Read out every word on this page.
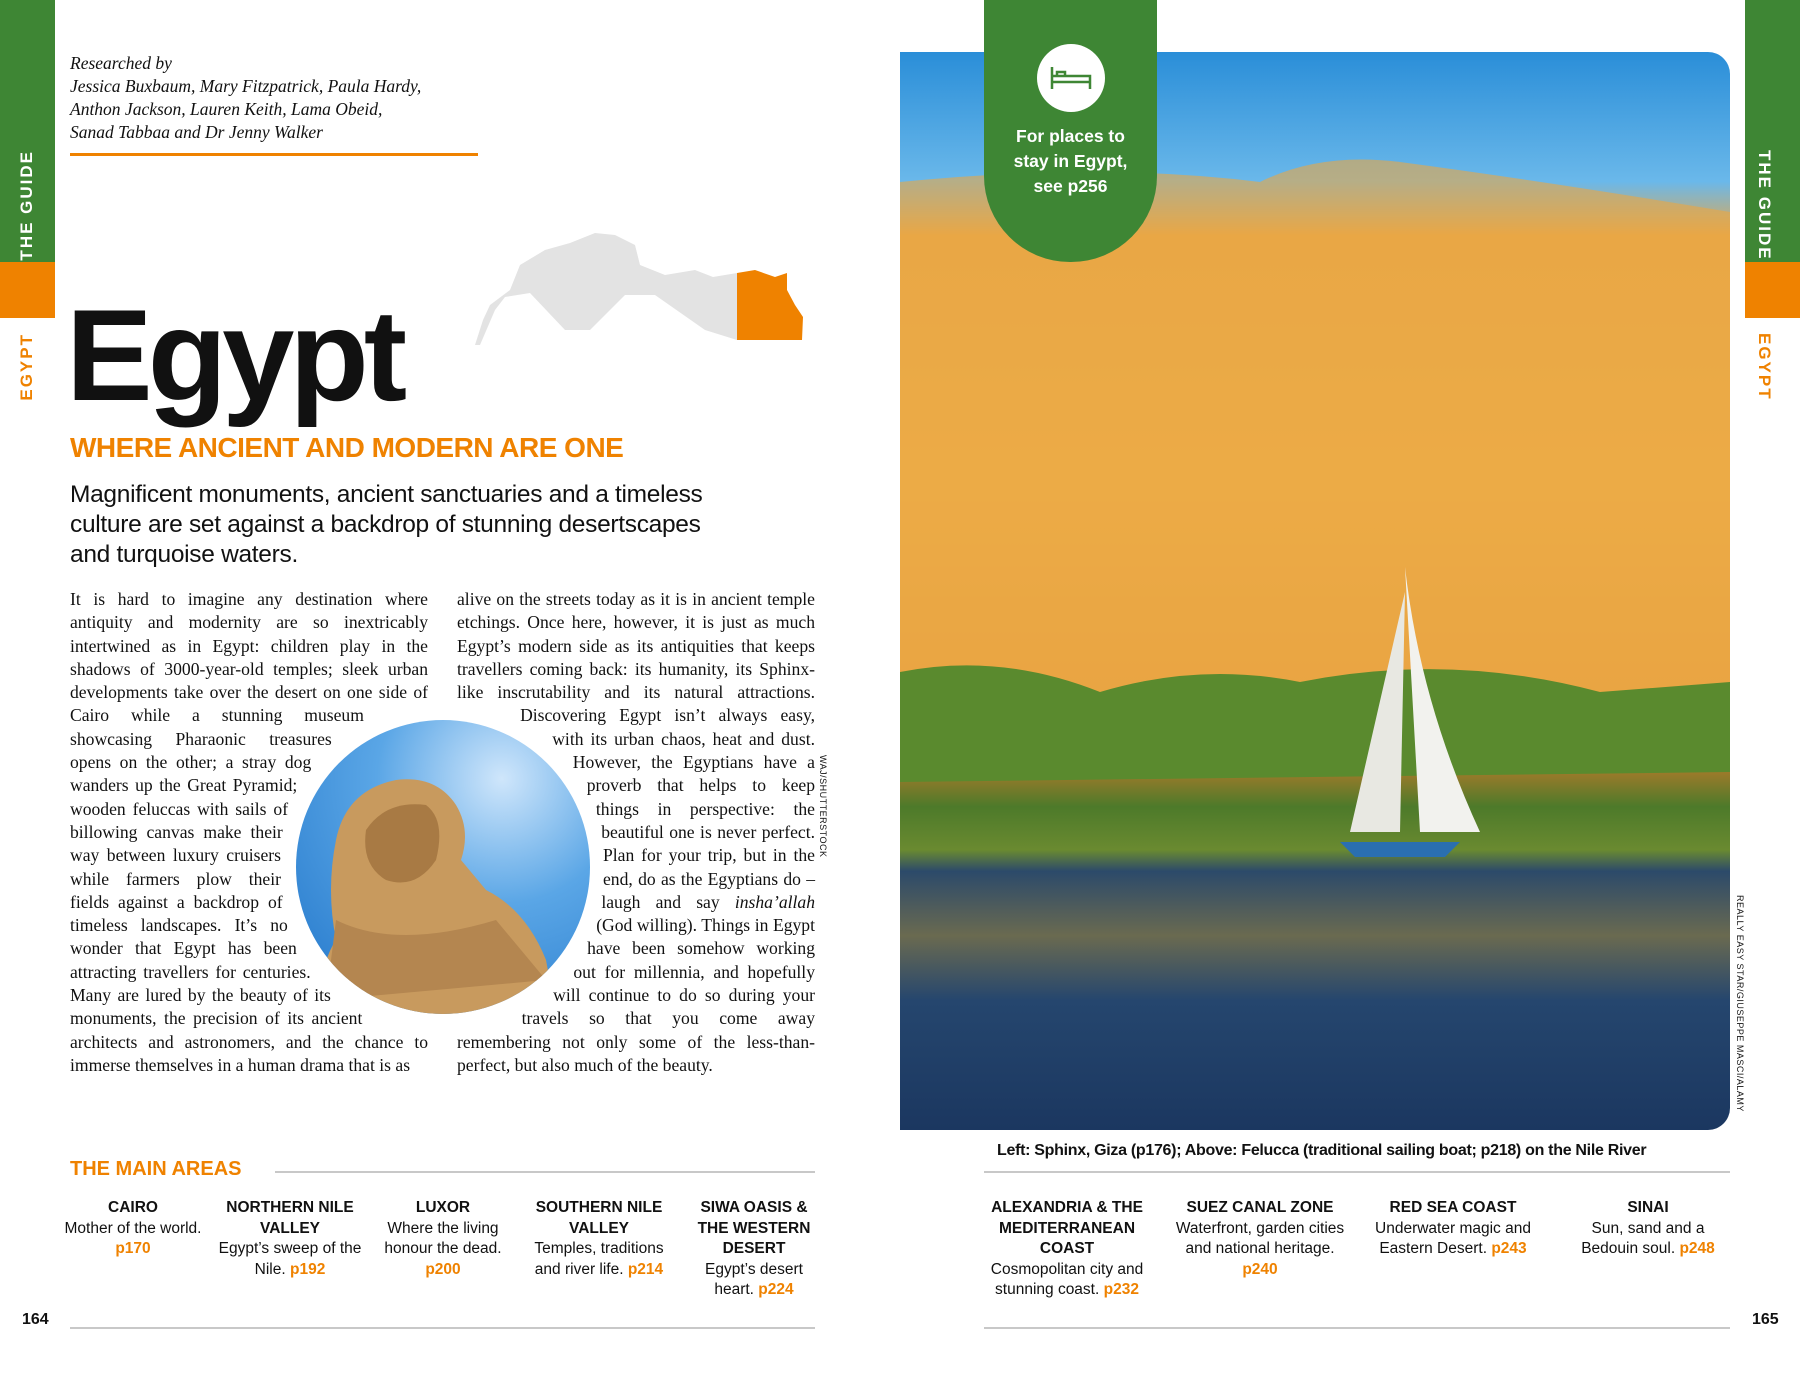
THE GUIDE
EGYPT
THE GUIDE
EGYPT
Researched by
Jessica Buxbaum, Mary Fitzpatrick, Paula Hardy,
Anthon Jackson, Lauren Keith, Lama Obeid,
Sanad Tabbaa and Dr Jenny Walker
Egypt
WHERE ANCIENT AND MODERN ARE ONE
Magnificent monuments, ancient sanctuaries and a timeless culture are set against a backdrop of stunning desertscapes and turquoise waters.
It is hard to imagine any destination where antiquity and modernity are so inextricably intertwined as in Egypt: children play in the shadows of 3000-year-old temples; sleek urban developments take over the desert on one side of Cairo while a stunning museum showcasing Pharaonic treasures opens on the other; a stray dog wanders up the Great Pyramid; wooden feluccas with sails of billowing canvas make their way between luxury cruisers while farmers plow their fields against a backdrop of timeless landscapes. It’s no wonder that Egypt has been attracting travellers for centuries. Many are lured by the beauty of its monuments, the precision of its ancient architects and astronomers, and the chance to immerse themselves in a human drama that is as
alive on the streets today as it is in ancient temple etchings. Once here, however, it is just as much Egypt’s modern side as its antiquities that keeps travellers coming back: its humanity, its Sphinx-like inscrutability and its natural attractions. Discovering Egypt isn’t always easy, with its urban chaos, heat and dust. However, the Egyptians have a proverb that helps to keep things in perspective: the beautiful one is never perfect. Plan for your trip, but in the end, do as the Egyptians do – laugh and say insha’allah (God willing). Things in Egypt have been somehow working out for millennia, and hopefully will continue to do so during your travels so that you come away remembering not only some of the less-than-perfect, but also much of the beauty.
WAJ/SHUTTERSTOCK
For places to stay in Egypt, see p256
REALLY EASY STAR/GIUSEPPE MASCI/ALAMY
Left: Sphinx, Giza (p176); Above: Felucca (traditional sailing boat; p218) on the Nile River
THE MAIN AREAS
CAIRO
Mother of the world. p170
NORTHERN NILE VALLEY
Egypt’s sweep of the Nile. p192
LUXOR
Where the living honour the dead. p200
SOUTHERN NILE VALLEY
Temples, traditions and river life. p214
SIWA OASIS & THE WESTERN DESERT
Egypt’s desert heart. p224
ALEXANDRIA & THE MEDITERRANEAN COAST
Cosmopolitan city and stunning coast. p232
SUEZ CANAL ZONE
Waterfront, garden cities and national heritage. p240
RED SEA COAST
Underwater magic and Eastern Desert. p243
SINAI
Sun, sand and a Bedouin soul. p248
164	165
